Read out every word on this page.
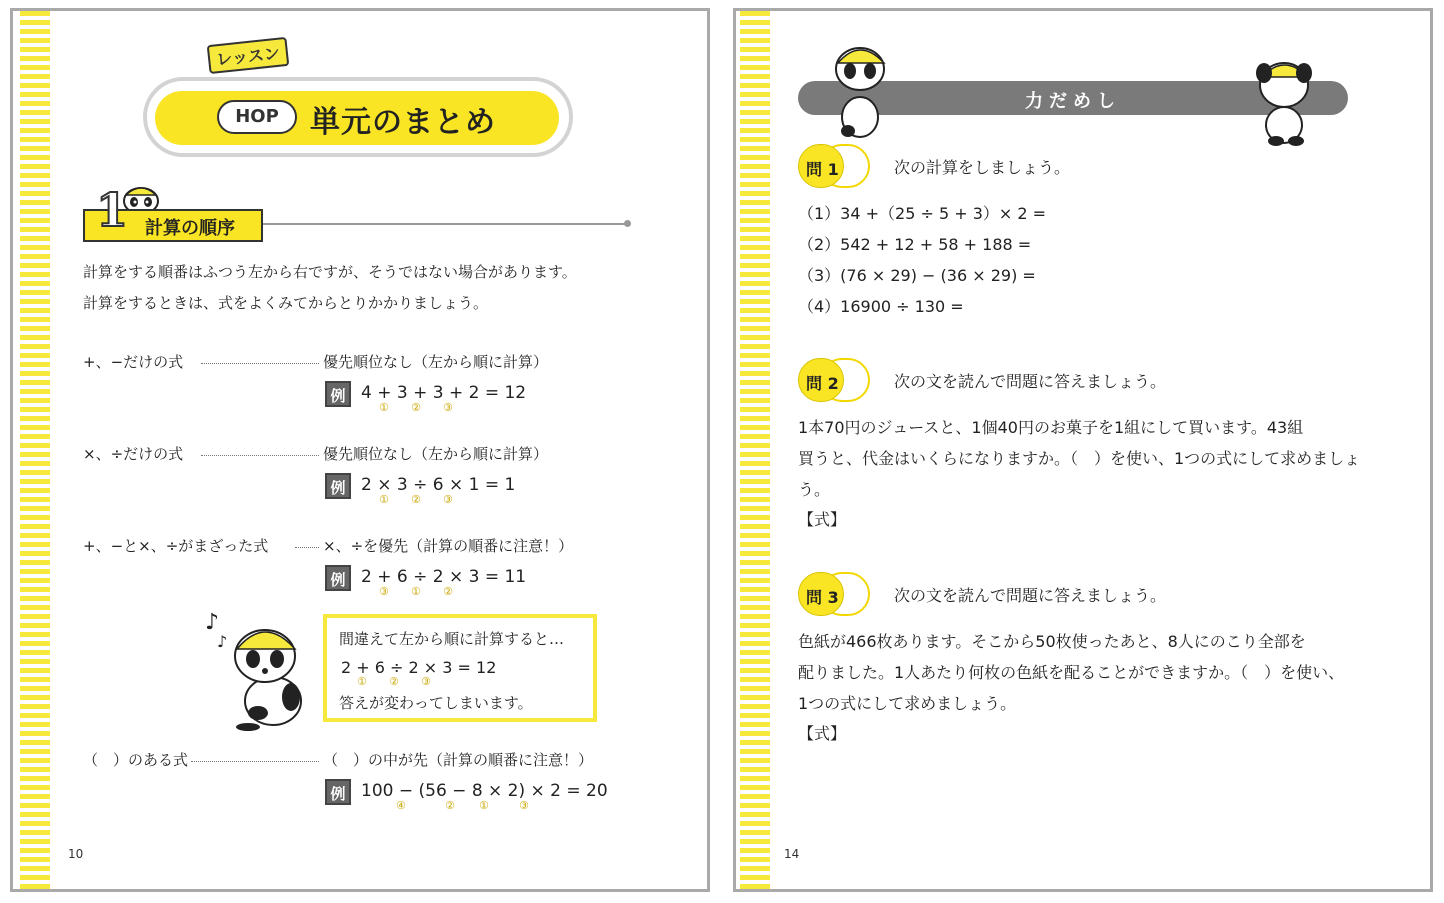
レッスン
HOP	単元のまとめ
計算の順序
1
計算をする順番はふつう左から右ですが、そうではない場合があります。
計算をするときは、式をよくみてからとりかかりましょう。
+、−だけの式	優先順位なし（左から順に計算）
例 4 + 3 + 3 + 2 = 12
① ② ③
×、÷だけの式	優先順位なし（左から順に計算）
例 2 × 3 ÷ 6 × 1 = 1
① ② ③
+、−と×、÷がまざった式	×、÷を優先（計算の順番に注意！）
例 2 + 6 ÷ 2 × 3 = 11
③ ① ②
♪
♪	間違えて左から順に計算すると…
2 + 6 ÷ 2 × 3 = 12
① ② ③
答えが変わってしまいます。
（　）のある式	（　）の中が先（計算の順番に注意！）
例 100 − (56 − 8 × 2) × 2 = 20
④	② ①	③
10
力だめし
問 1	次の計算をしましょう。
（1）34 +（25 ÷ 5 + 3）× 2 =
（2）542 + 12 + 58 + 188 =
（3）(76 × 29) − (36 × 29) =
（4）16900 ÷ 130 =
問 2	次の文を読んで問題に答えましょう。
1本70円のジュースと、1個40円のお菓子を1組にして買います。43組
買うと、代金はいくらになりますか。（　）を使い、1つの式にして求めましょ
う。
【式】
問 3	次の文を読んで問題に答えましょう。
色紙が466枚あります。そこから50枚使ったあと、8人にのこり全部を
配りました。1人あたり何枚の色紙を配ることができますか。（　）を使い、
1つの式にして求めましょう。
【式】
14
